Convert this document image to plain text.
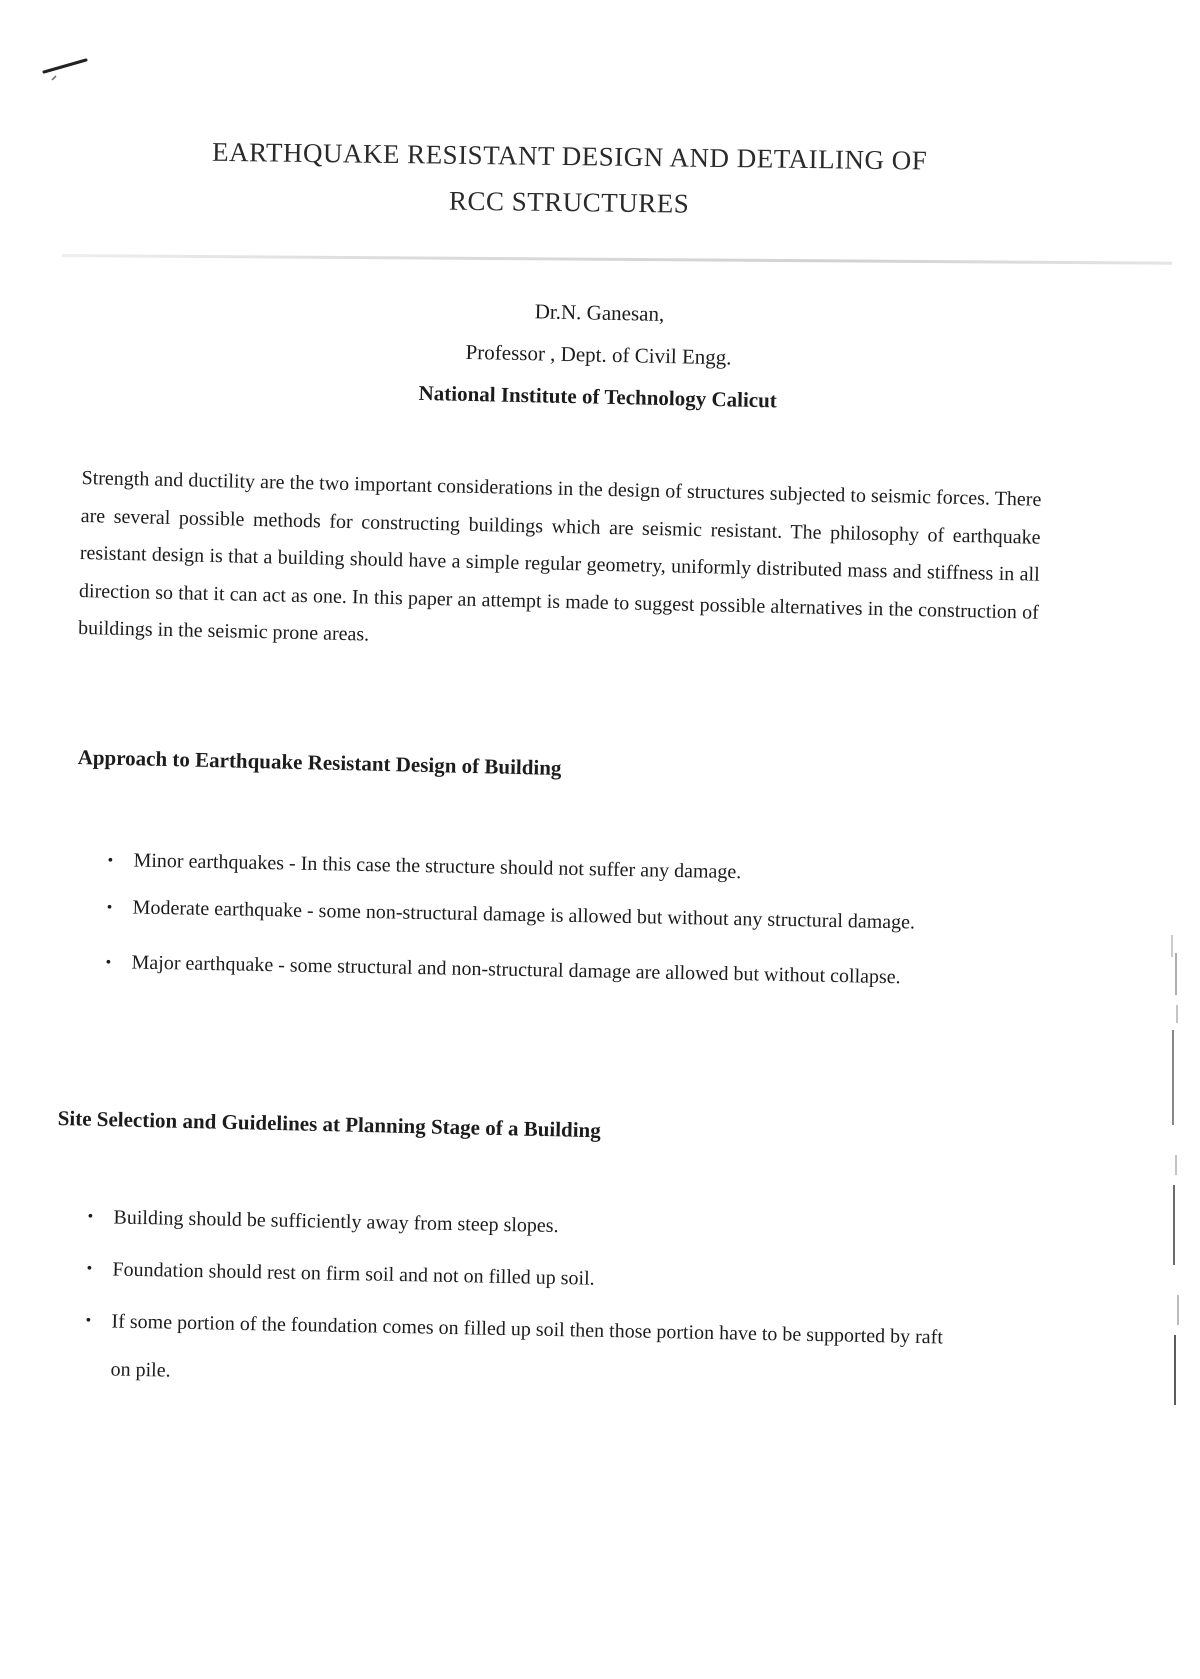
EARTHQUAKE RESISTANT DESIGN AND DETAILING OF
RCC STRUCTURES
Dr.N. Ganesan,
Professor , Dept. of Civil Engg.
National Institute of Technology Calicut

Strength and ductility are the two important considerations in the design of structures subjected to seismic forces. There are several possible methods for constructing buildings which are seismic resistant. The philosophy of earthquake resistant design is that a building should have a simple regular geometry, uniformly distributed mass and stiffness in all direction so that it can act as one. In this paper an attempt is made to suggest possible alternatives in the construction of buildings in the seismic prone areas.

Approach to Earthquake Resistant Design of Building
• Minor earthquakes - In this case the structure should not suffer any damage.
• Moderate earthquake - some non-structural damage is allowed but without any structural damage.
• Major earthquake - some structural and non-structural damage are allowed but without collapse.
Site Selection and Guidelines at Planning Stage of a Building
• Building should be sufficiently away from steep slopes.
• Foundation should rest on firm soil and not on filled up soil.
• If some portion of the foundation comes on filled up soil then those portion have to be supported by raft on pile.
